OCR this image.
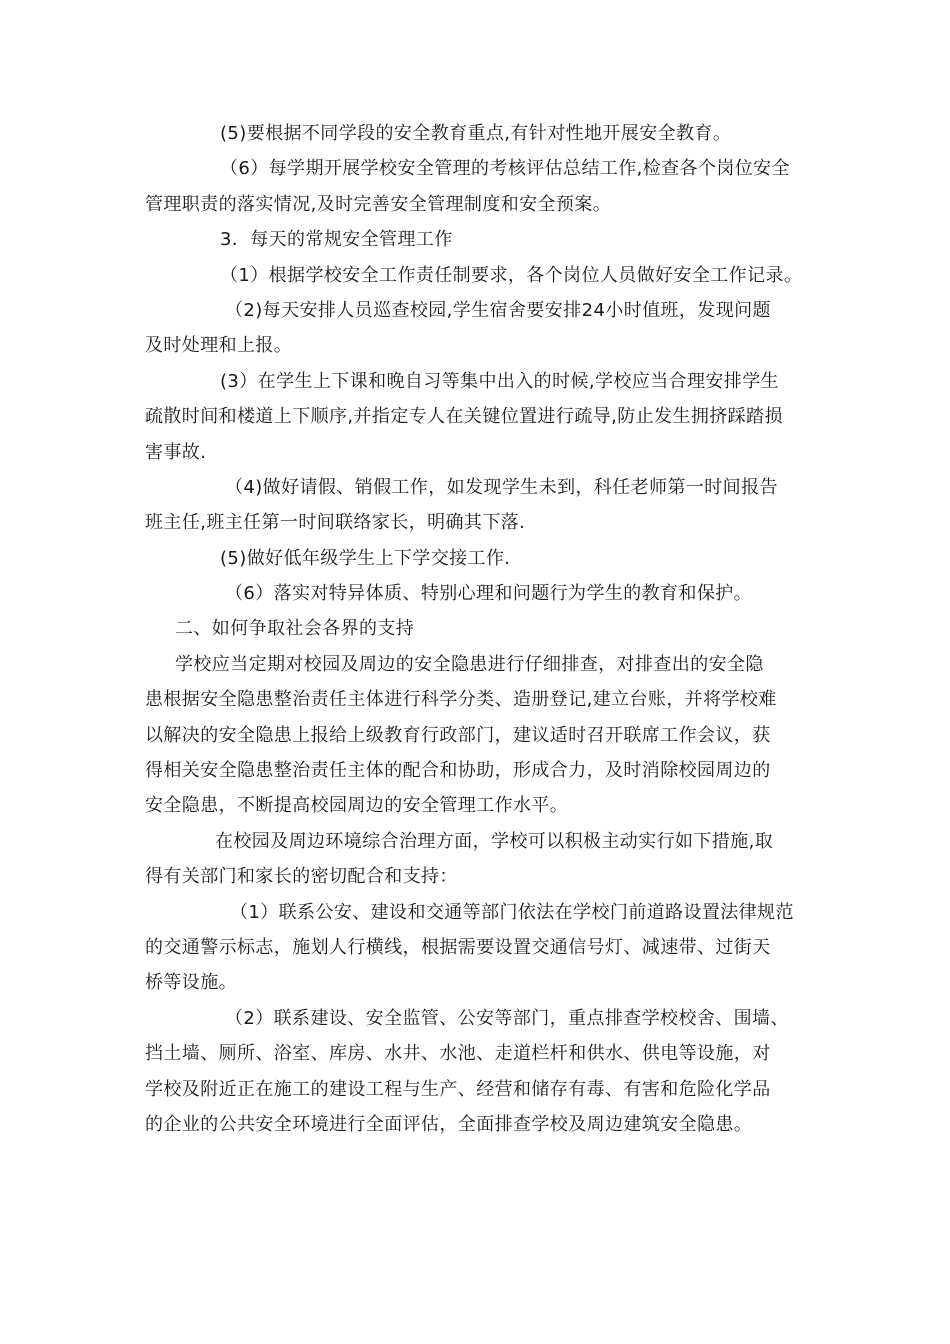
(5)要根据不同学段的安全教育重点,有针对性地开展安全教育。
（6）每学期开展学校安全管理的考核评估总结工作,检查各个岗位安全
管理职责的落实情况,及时完善安全管理制度和安全预案。
3．每天的常规安全管理工作
（1）根据学校安全工作责任制要求，各个岗位人员做好安全工作记录。
（2)每天安排人员巡查校园,学生宿舍要安排24小时值班，发现问题
及时处理和上报。
(3）在学生上下课和晚自习等集中出入的时候,学校应当合理安排学生
疏散时间和楼道上下顺序,并指定专人在关键位置进行疏导,防止发生拥挤踩踏损
害事故.
（4)做好请假、销假工作，如发现学生未到，科任老师第一时间报告
班主任,班主任第一时间联络家长，明确其下落.
(5)做好低年级学生上下学交接工作.
（6）落实对特异体质、特别心理和问题行为学生的教育和保护。
二、如何争取社会各界的支持
学校应当定期对校园及周边的安全隐患进行仔细排查，对排查出的安全隐
患根据安全隐患整治责任主体进行科学分类、造册登记,建立台账，并将学校难
以解决的安全隐患上报给上级教育行政部门，建议适时召开联席工作会议，获
得相关安全隐患整治责任主体的配合和协助，形成合力，及时消除校园周边的
安全隐患，不断提高校园周边的安全管理工作水平。
在校园及周边环境综合治理方面，学校可以积极主动实行如下措施,取
得有关部门和家长的密切配合和支持：
（1）联系公安、建设和交通等部门依法在学校门前道路设置法律规范
的交通警示标志，施划人行横线，根据需要设置交通信号灯、减速带、过街天
桥等设施。
（2）联系建设、安全监管、公安等部门，重点排查学校校舍、围墙、
挡土墙、厕所、浴室、库房、水井、水池、走道栏杆和供水、供电等设施，对
学校及附近正在施工的建设工程与生产、经营和储存有毒、有害和危险化学品
的企业的公共安全环境进行全面评估，全面排查学校及周边建筑安全隐患。
